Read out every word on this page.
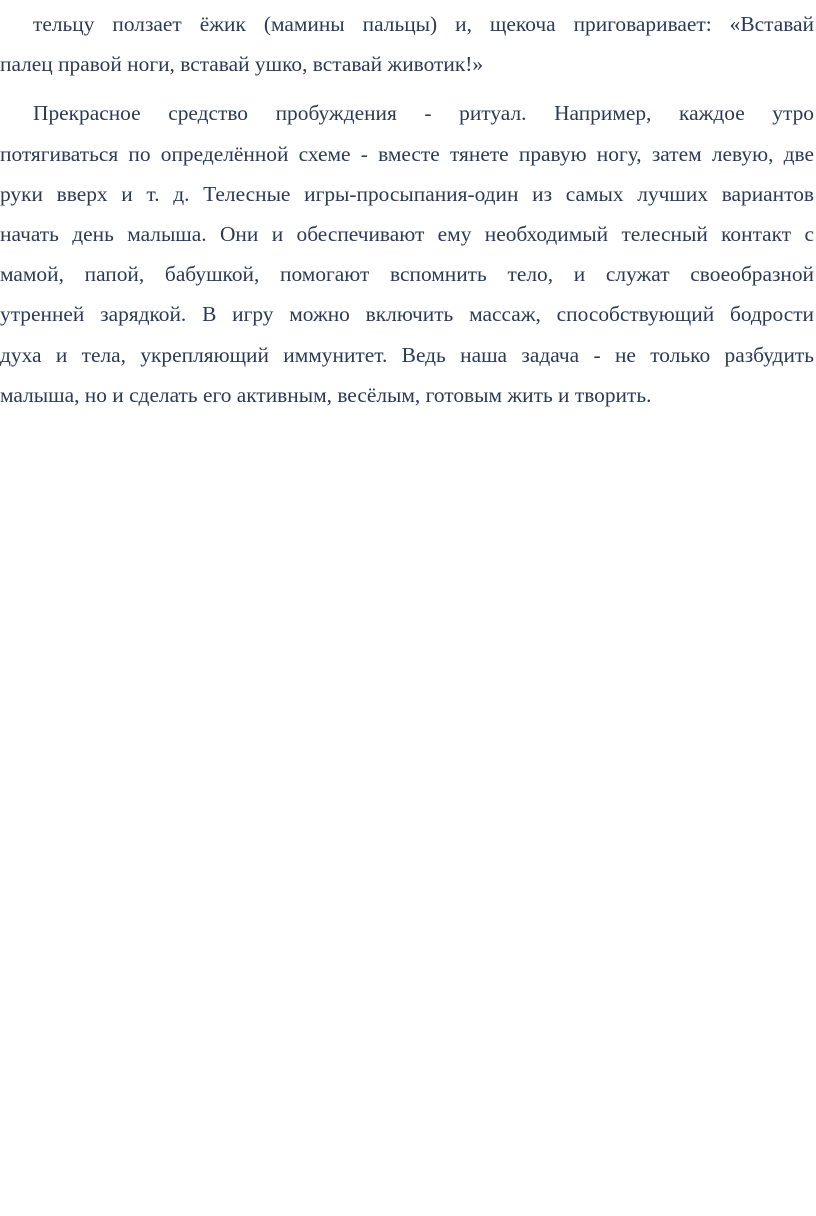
тельцу ползает ёжик (мамины пальцы) и, щекоча приговаривает: «Вставай
палец правой ноги, вставай ушко, вставай животик!»
Прекрасное средство пробуждения - ритуал. Например, каждое утро
потягиваться по определённой схеме - вместе тянете правую ногу, затем левую, две
руки вверх и т. д. Телесные игры-просыпания-один из самых лучших вариантов
начать день малыша. Они и обеспечивают ему необходимый телесный контакт с
мамой, папой, бабушкой, помогают вспомнить тело, и служат своеобразной
утренней зарядкой. В игру можно включить массаж, способствующий бодрости
духа и тела, укрепляющий иммунитет. Ведь наша задача - не только разбудить
малыша, но и сделать его активным, весёлым, готовым жить и творить.
